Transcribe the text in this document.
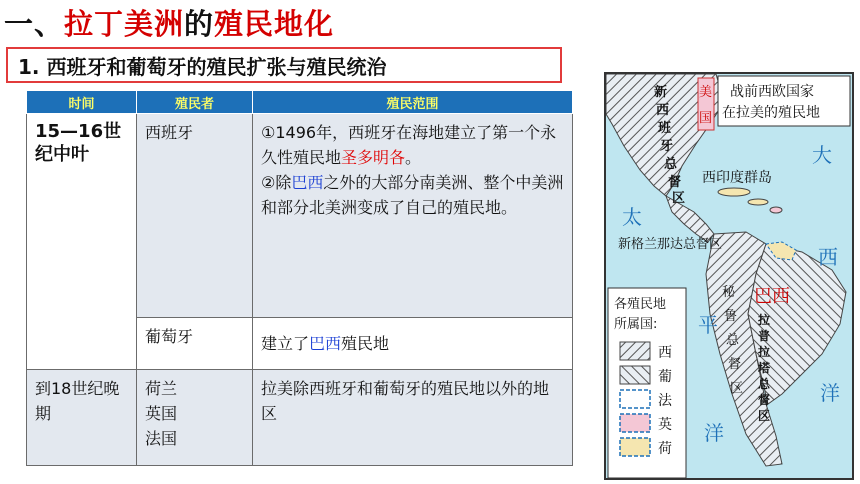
一、 拉丁美洲 的 殖民地化
1. 西班牙和葡萄牙的殖民扩张与殖民统治
时间	殖民者	殖民范围

15—16世纪中叶	西班牙	①1496年，西班牙在海地建立了第一个永久性殖民地圣多明各。
②除巴西之外的大部分南美洲、整个中美洲和部分北美洲变成了自己的殖民地。

	葡萄牙	建立了巴西殖民地
到18世纪晚期	荷兰
英国
法国	拉美除西班牙和葡萄牙的殖民地以外的地区
战前西欧国家
在拉美的殖民地
美
国
新
西
班
牙
总
督
区
西印度群岛
新格兰那达总督区
秘
鲁
总
督
区
巴西
拉
普
拉
塔
总
督
区
大
西
洋
太
平
洋
各殖民地
所属国:
西
葡
法
英
荷
